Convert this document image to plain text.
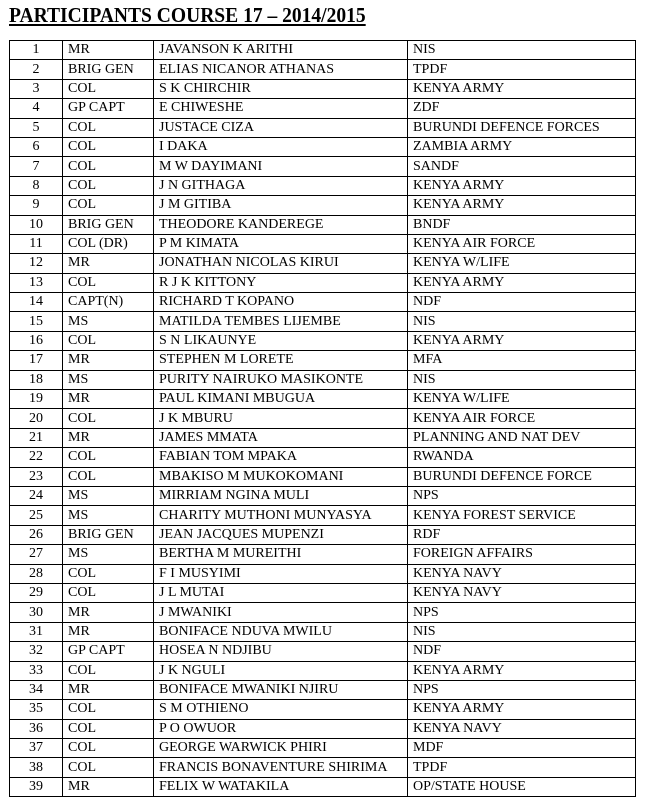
PARTICIPANTS COURSE 17 – 2014/2015
1	MR	JAVANSON K ARITHI	NIS
2	BRIG GEN	ELIAS NICANOR ATHANAS	TPDF
3	COL	S K CHIRCHIR	KENYA ARMY
4	GP CAPT	E CHIWESHE	ZDF
5	COL	JUSTACE CIZA	BURUNDI DEFENCE FORCES
6	COL	I DAKA	ZAMBIA ARMY
7	COL	M W DAYIMANI	SANDF
8	COL	J N GITHAGA	KENYA ARMY
9	COL	J M GITIBA	KENYA ARMY
10	BRIG GEN	THEODORE KANDEREGE	BNDF
11	COL (DR)	P M KIMATA	KENYA AIR FORCE
12	MR	JONATHAN NICOLAS KIRUI	KENYA W/LIFE
13	COL	R J K KITTONY	KENYA ARMY
14	CAPT(N)	RICHARD T KOPANO	NDF
15	MS	MATILDA TEMBES LIJEMBE	NIS
16	COL	S N LIKAUNYE	KENYA ARMY
17	MR	STEPHEN M LORETE	MFA
18	MS	PURITY NAIRUKO MASIKONTE	NIS
19	MR	PAUL KIMANI MBUGUA	KENYA W/LIFE
20	COL	J K MBURU	KENYA AIR FORCE
21	MR	JAMES MMATA	PLANNING AND NAT DEV
22	COL	FABIAN TOM MPAKA	RWANDA
23	COL	MBAKISO M MUKOKOMANI	BURUNDI DEFENCE FORCE
24	MS	MIRRIAM NGINA MULI	NPS
25	MS	CHARITY MUTHONI MUNYASYA	KENYA FOREST SERVICE
26	BRIG GEN	JEAN JACQUES MUPENZI	RDF
27	MS	BERTHA M MUREITHI	FOREIGN AFFAIRS
28	COL	F I MUSYIMI	KENYA NAVY
29	COL	J L MUTAI	KENYA NAVY
30	MR	J MWANIKI	NPS
31	MR	BONIFACE NDUVA MWILU	NIS
32	GP CAPT	HOSEA N NDJIBU	NDF
33	COL	J K NGULI	KENYA ARMY
34	MR	BONIFACE MWANIKI NJIRU	NPS
35	COL	S M OTHIENO	KENYA ARMY
36	COL	P O OWUOR	KENYA NAVY
37	COL	GEORGE WARWICK PHIRI	MDF
38	COL	FRANCIS BONAVENTURE SHIRIMA	TPDF
39	MR	FELIX W WATAKILA	OP/STATE HOUSE
